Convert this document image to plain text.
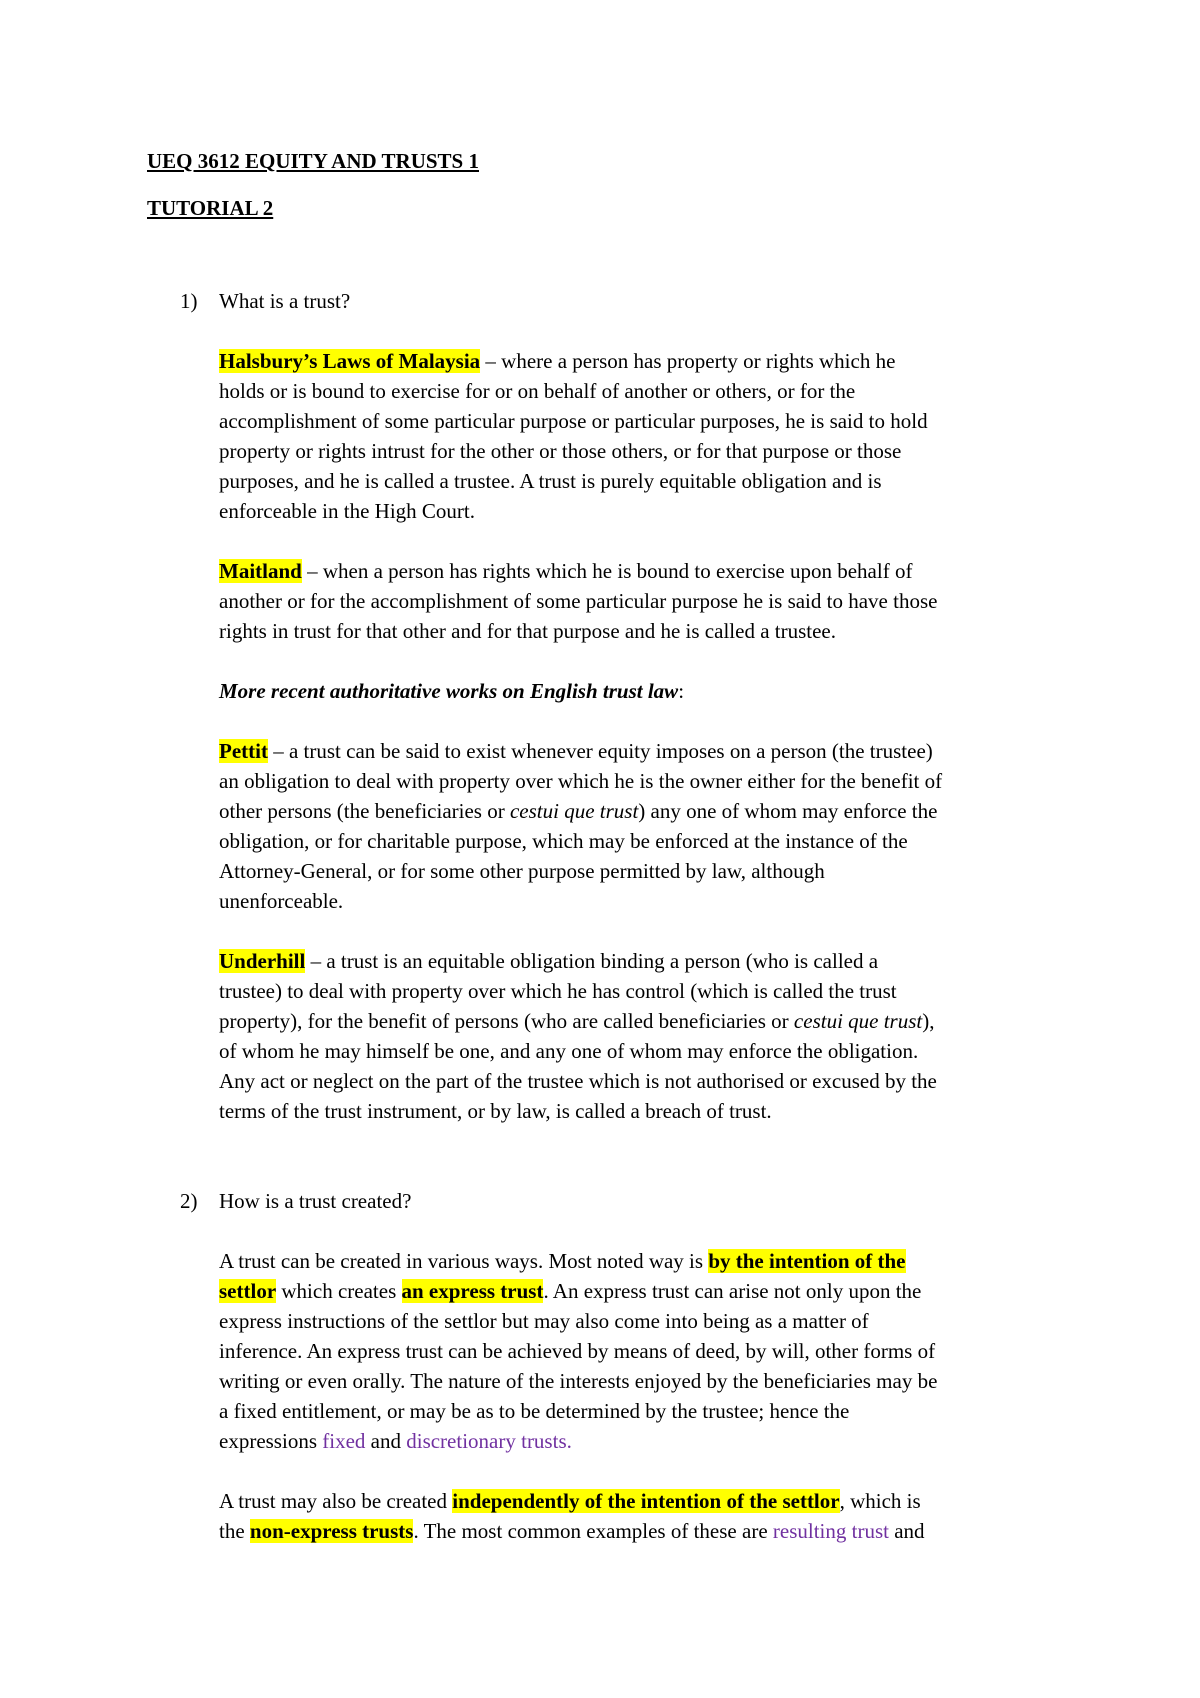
UEQ 3612 EQUITY AND TRUSTS 1
TUTORIAL 2
1) What is a trust?
Halsbury’s Laws of Malaysia – where a person has property or rights which he
holds or is bound to exercise for or on behalf of another or others, or for the
accomplishment of some particular purpose or particular purposes, he is said to hold
property or rights intrust for the other or those others, or for that purpose or those
purposes, and he is called a trustee. A trust is purely equitable obligation and is
enforceable in the High Court.
Maitland – when a person has rights which he is bound to exercise upon behalf of
another or for the accomplishment of some particular purpose he is said to have those
rights in trust for that other and for that purpose and he is called a trustee.
More recent authoritative works on English trust law:
Pettit – a trust can be said to exist whenever equity imposes on a person (the trustee)
an obligation to deal with property over which he is the owner either for the benefit of
other persons (the beneficiaries or cestui que trust) any one of whom may enforce the
obligation, or for charitable purpose, which may be enforced at the instance of the
Attorney-General, or for some other purpose permitted by law, although
unenforceable.
Underhill – a trust is an equitable obligation binding a person (who is called a
trustee) to deal with property over which he has control (which is called the trust
property), for the benefit of persons (who are called beneficiaries or cestui que trust),
of whom he may himself be one, and any one of whom may enforce the obligation.
Any act or neglect on the part of the trustee which is not authorised or excused by the
terms of the trust instrument, or by law, is called a breach of trust.
2) How is a trust created?
A trust can be created in various ways. Most noted way is by the intention of the
settlor which creates an express trust. An express trust can arise not only upon the
express instructions of the settlor but may also come into being as a matter of
inference. An express trust can be achieved by means of deed, by will, other forms of
writing or even orally. The nature of the interests enjoyed by the beneficiaries may be
a fixed entitlement, or may be as to be determined by the trustee; hence the
expressions fixed and discretionary trusts.
A trust may also be created independently of the intention of the settlor, which is
the non-express trusts. The most common examples of these are resulting trust and
